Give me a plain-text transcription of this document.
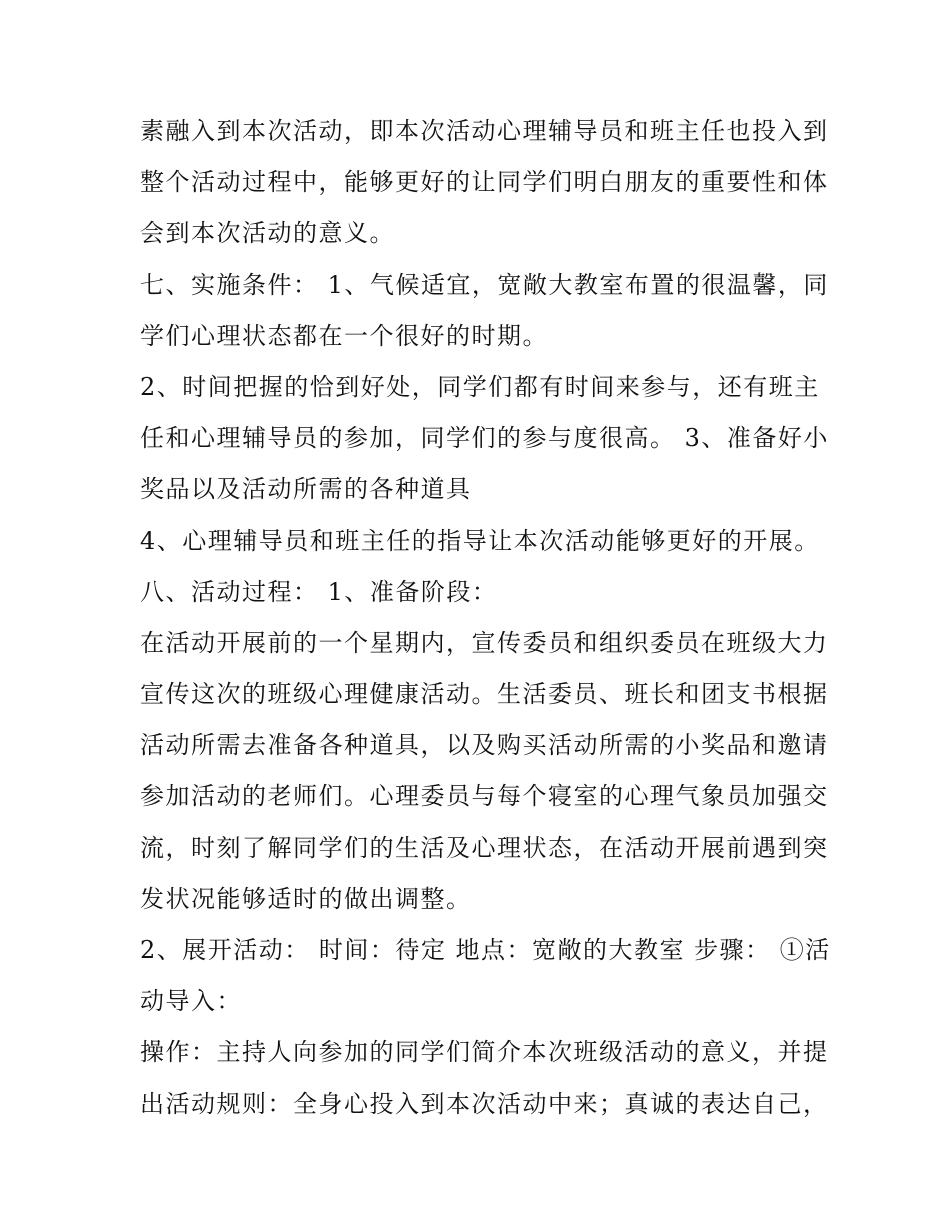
素融入到本次活动，即本次活动心理辅导员和班主任也投入到
整个活动过程中，能够更好的让同学们明白朋友的重要性和体
会到本次活动的意义。
七、实施条件： 1、气候适宜，宽敞大教室布置的很温馨，同
学们心理状态都在一个很好的时期。
2、时间把握的恰到好处，同学们都有时间来参与，还有班主
任和心理辅导员的参加，同学们的参与度很高。 3、准备好小
奖品以及活动所需的各种道具
4、心理辅导员和班主任的指导让本次活动能够更好的开展。
八、活动过程： 1、准备阶段：
在活动开展前的一个星期内，宣传委员和组织委员在班级大力
宣传这次的班级心理健康活动。生活委员、班长和团支书根据
活动所需去准备各种道具，以及购买活动所需的小奖品和邀请
参加活动的老师们。心理委员与每个寝室的心理气象员加强交
流，时刻了解同学们的生活及心理状态，在活动开展前遇到突
发状况能够适时的做出调整。
2、展开活动： 时间：待定 地点：宽敞的大教室 步骤： ①活
动导入：
操作：主持人向参加的同学们简介本次班级活动的意义，并提
出活动规则：全身心投入到本次活动中来；真诚的表达自己，
